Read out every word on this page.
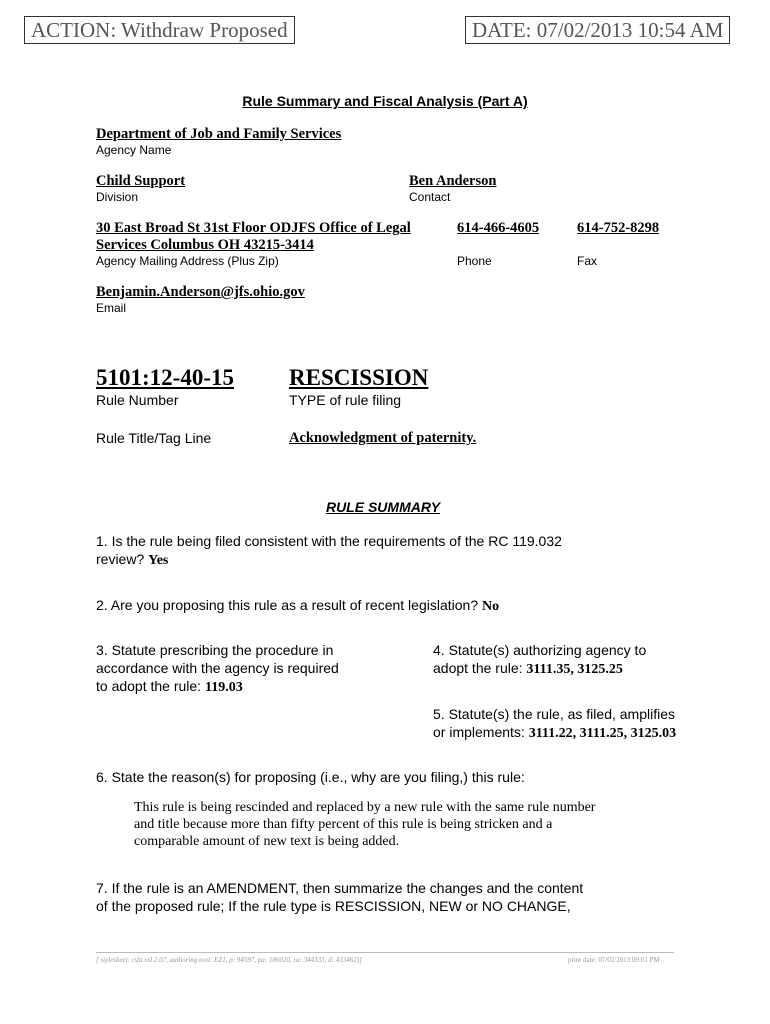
ACTION: Withdraw Proposed	DATE: 07/02/2013 10:54 AM
Rule Summary and Fiscal Analysis (Part A)
Department of Job and Family Services
Agency Name
Child Support
Division
Ben Anderson
Contact
30 East Broad St 31st Floor ODJFS Office of Legal
Services Columbus OH 43215-3414
Agency Mailing Address (Plus Zip)
614-466-4605
Phone
614-752-8298
Fax
Benjamin.Anderson@jfs.ohio.gov
Email
5101:12-40-15
Rule Number
RESCISSION
TYPE of rule filing
Rule Title/Tag Line	Acknowledgment of paternity.
RULE SUMMARY
1. Is the rule being filed consistent with the requirements of the RC 119.032
review? Yes
2. Are you proposing this rule as a result of recent legislation? No
3. Statute prescribing the procedure in
accordance with the agency is required
to adopt the rule: 119.03
4. Statute(s) authorizing agency to
adopt the rule: 3111.35, 3125.25
5. Statute(s) the rule, as filed, amplifies
or implements: 3111.22, 3111.25, 3125.03
6. State the reason(s) for proposing (i.e., why are you filing,) this rule:
This rule is being rescinded and replaced by a new rule with the same rule number
and title because more than fifty percent of this rule is being stricken and a
comparable amount of new text is being added.
7. If the rule is an AMENDMENT, then summarize the changes and the content
of the proposed rule; If the rule type is RESCISSION, NEW or NO CHANGE,
[ stylesheet: rsfa.xsl 2.07, authoring tool: EZ1, p: 94597, pa: 186020, ra: 344333, d: 433462)]	print date: 07/02/2013 09:01 PM
